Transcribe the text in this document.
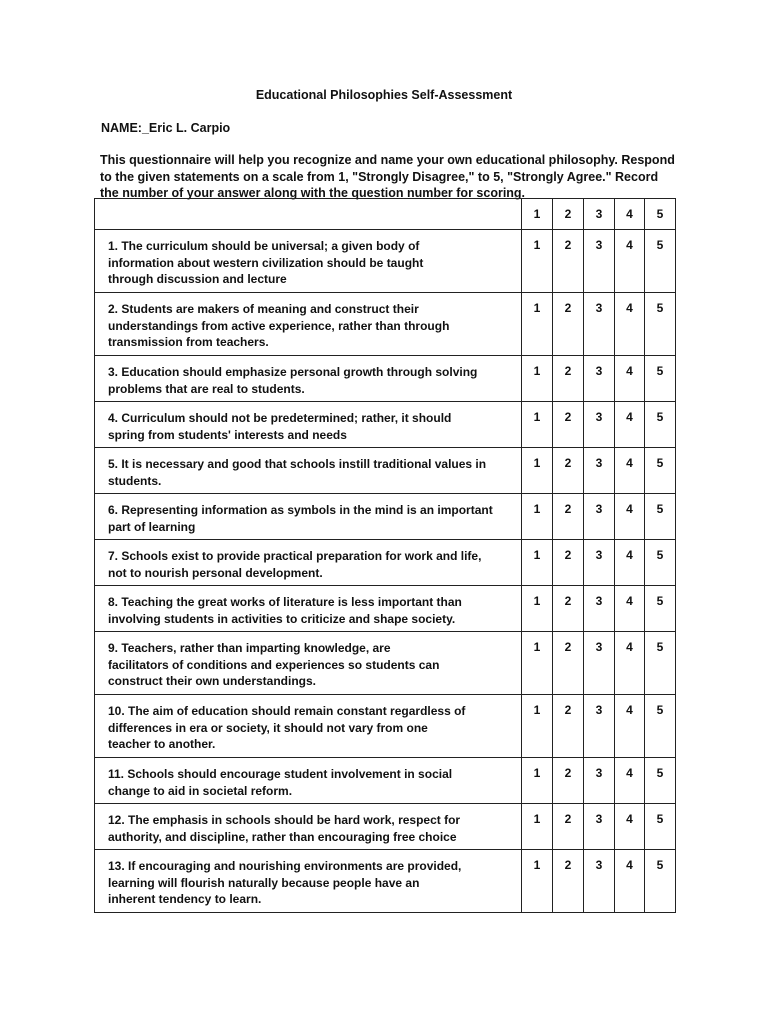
Educational Philosophies Self-Assessment
NAME:_Eric L. Carpio
This questionnaire will help you recognize and name your own educational philosophy. Respond
to the given statements on a scale from 1, "Strongly Disagree," to 5, "Strongly Agree." Record
the number of your answer along with the question number for scoring.
	1	2	3	4	5

1. The curriculum should be universal; a given body of
information about western civilization should be taught
through discussion and lecture	1	2	3	4	5

2. Students are makers of meaning and construct their
understandings from active experience, rather than through
transmission from teachers.	1	2	3	4	5

3. Education should emphasize personal growth through solving
problems that are real to students.	1	2	3	4	5

4. Curriculum should not be predetermined; rather, it should
spring from students' interests and needs	1	2	3	4	5

5. It is necessary and good that schools instill traditional values in
students.	1	2	3	4	5

6. Representing information as symbols in the mind is an important
part of learning	1	2	3	4	5

7. Schools exist to provide practical preparation for work and life,
not to nourish personal development.	1	2	3	4	5

8. Teaching the great works of literature is less important than
involving students in activities to criticize and shape society.	1	2	3	4	5

9. Teachers, rather than imparting knowledge, are
facilitators of conditions and experiences so students can
construct their own understandings.	1	2	3	4	5

10. The aim of education should remain constant regardless of
differences in era or society, it should not vary from one
teacher to another.	1	2	3	4	5

11. Schools should encourage student involvement in social
change to aid in societal reform.	1	2	3	4	5

12. The emphasis in schools should be hard work, respect for
authority, and discipline, rather than encouraging free choice	1	2	3	4	5

13. If encouraging and nourishing environments are provided,
learning will flourish naturally because people have an
inherent tendency to learn.	1	2	3	4	5
